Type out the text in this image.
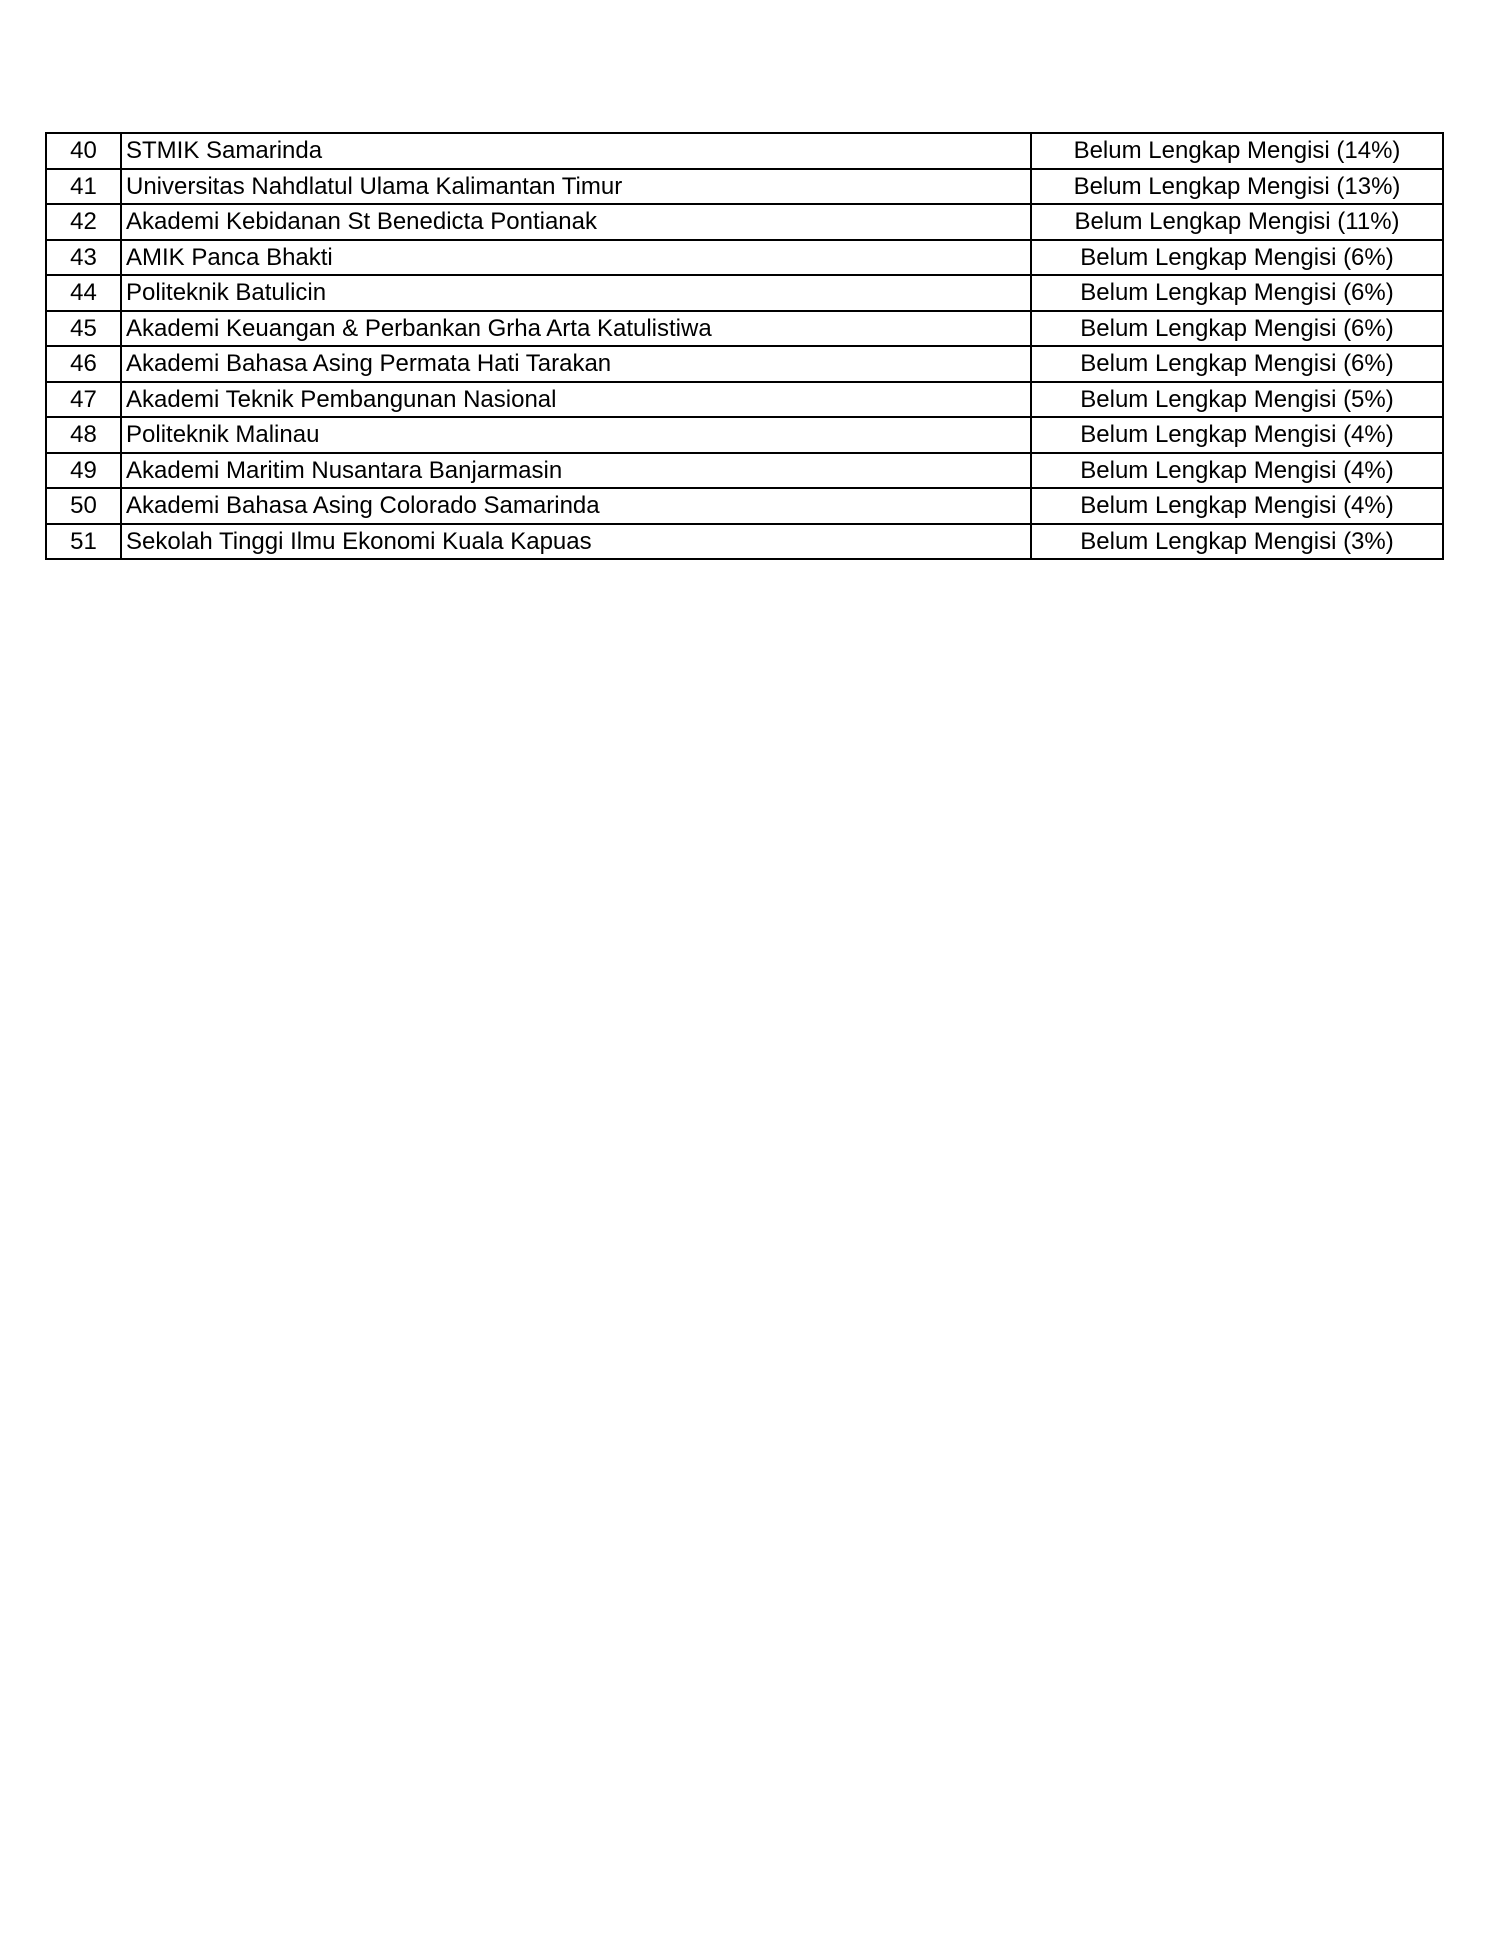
40	STMIK Samarinda	Belum Lengkap Mengisi (14%)
41	Universitas Nahdlatul Ulama Kalimantan Timur	Belum Lengkap Mengisi (13%)
42	Akademi Kebidanan St Benedicta Pontianak	Belum Lengkap Mengisi (11%)
43	AMIK Panca Bhakti	Belum Lengkap Mengisi (6%)
44	Politeknik Batulicin	Belum Lengkap Mengisi (6%)
45	Akademi Keuangan & Perbankan Grha Arta Katulistiwa	Belum Lengkap Mengisi (6%)
46	Akademi Bahasa Asing Permata Hati Tarakan	Belum Lengkap Mengisi (6%)
47	Akademi Teknik Pembangunan Nasional	Belum Lengkap Mengisi (5%)
48	Politeknik Malinau	Belum Lengkap Mengisi (4%)
49	Akademi Maritim Nusantara Banjarmasin	Belum Lengkap Mengisi (4%)
50	Akademi Bahasa Asing Colorado Samarinda	Belum Lengkap Mengisi (4%)
51	Sekolah Tinggi Ilmu Ekonomi Kuala Kapuas	Belum Lengkap Mengisi (3%)
